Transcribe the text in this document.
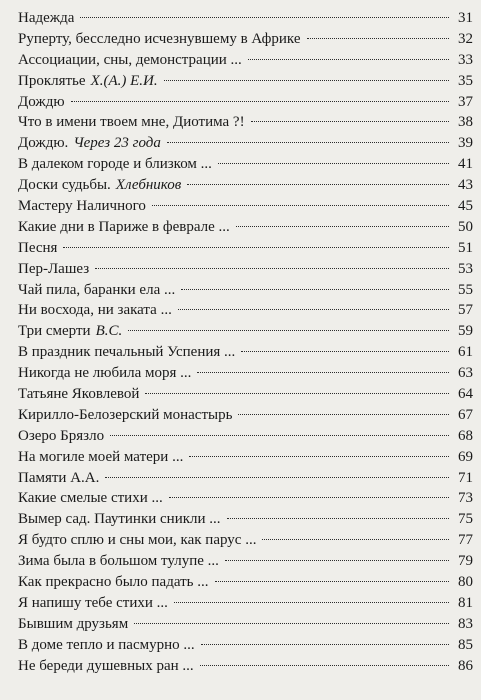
Надежда	31
Руперту, бесследно исчезнувшему в Африке	32
Ассоциации, сны, демонстрации ...	33
Проклятье Х.(А.) Е.И.	35
Дождю	37
Что в имени твоем мне, Диотима ?!	38
Дождю. Через 23 года	39
В далеком городе и близком ...	41
Доски судьбы. Хлебников	43
Мастеру Наличного	45
Какие дни в Париже в феврале ...	50
Песня	51
Пер-Лашез	53
Чай пила, баранки ела ...	55
Ни восхода, ни заката ...	57
Три смерти В.С.	59
В праздник печальный Успения ...	61
Никогда не любила моря ...	63
Татьяне Яковлевой	64
Кирилло-Белозерский монастырь	67
Озеро Брязло	68
На могиле моей матери ...	69
Памяти А.А.	71
Какие смелые стихи ...	73
Вымер сад. Паутинки сникли ...	75
Я будто сплю и сны мои, как парус ...	77
Зима была в большом тулупе ...	79
Как прекрасно было падать ...	80
Я напишу тебе стихи ...	81
Бывшим друзьям	83
В доме тепло и пасмурно ...	85
Не береди душевных ран ...	86
